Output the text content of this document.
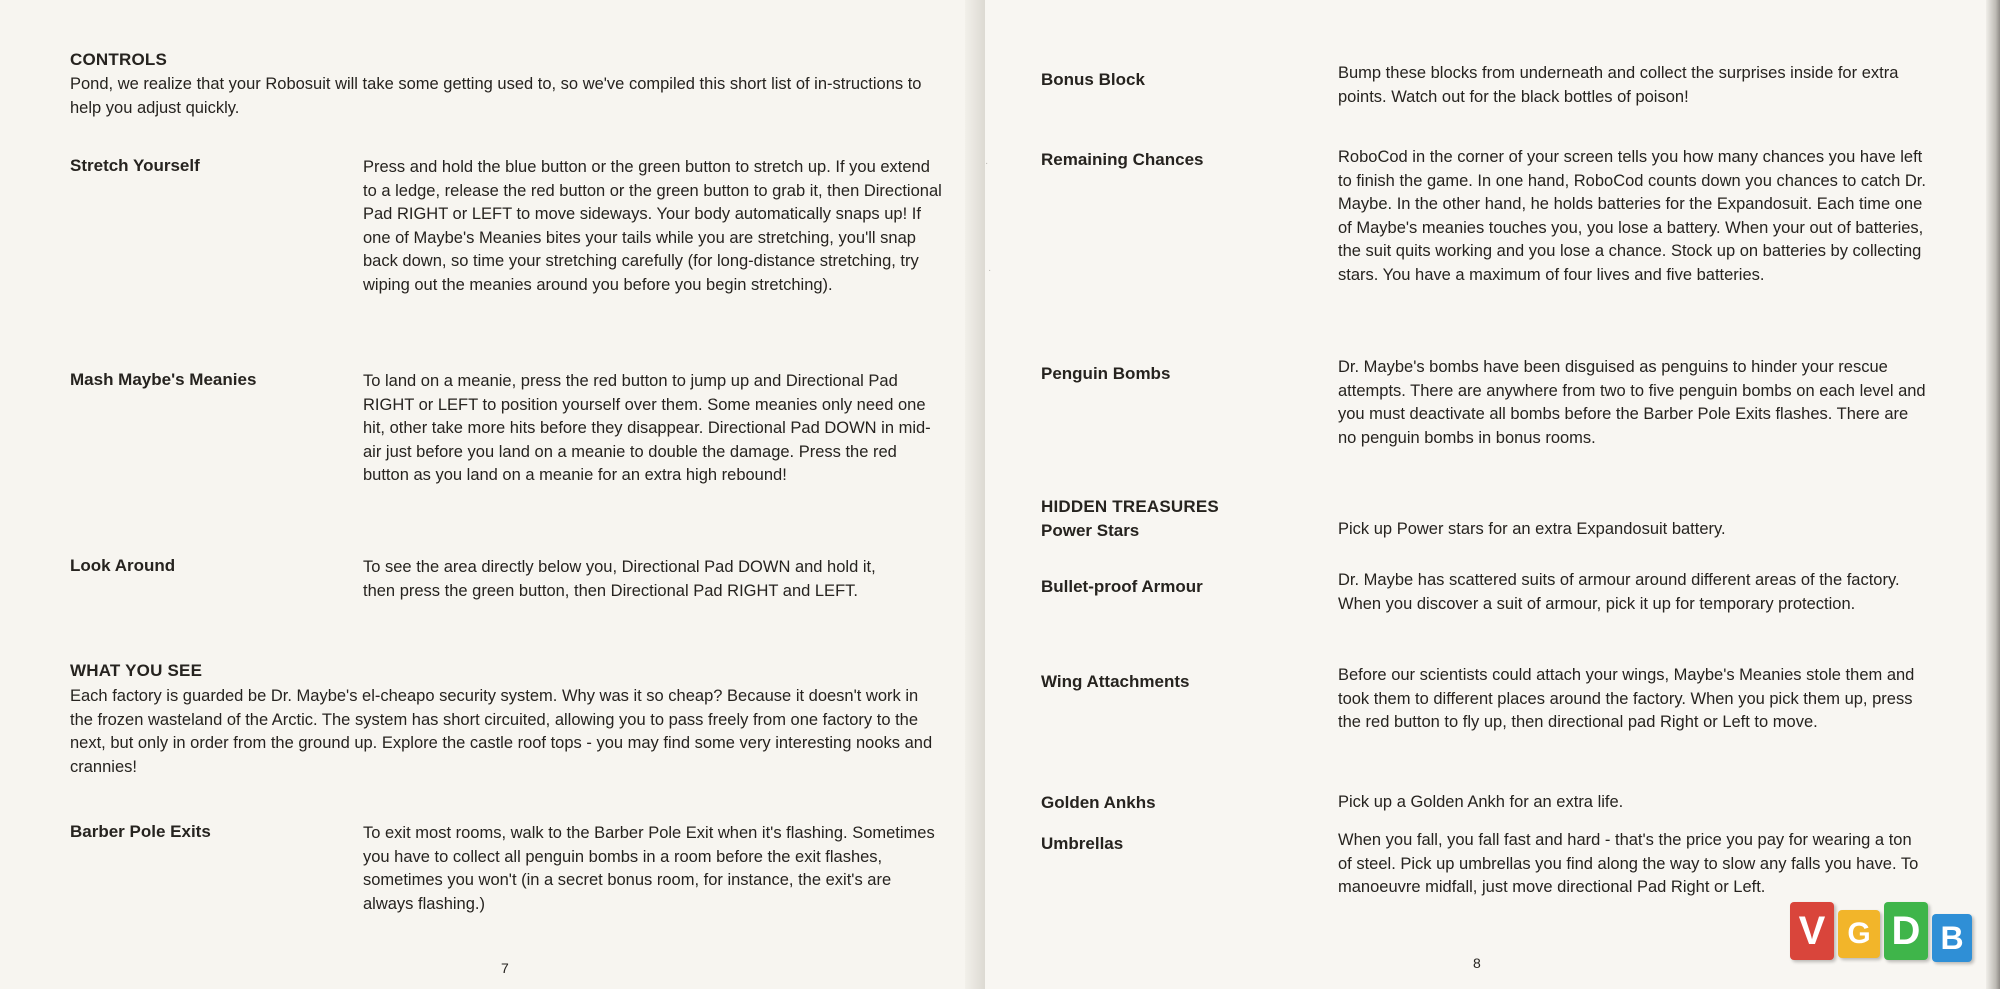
CONTROLS
Pond, we realize that your Robosuit will take some getting used to, so we've compiled this short list of in-structions to help you adjust quickly.
Stretch Yourself	Press and hold the blue button or the green button to stretch up. If you extend to a ledge, release the red button or the green button to grab it, then Directional Pad RIGHT or LEFT to move sideways. Your body automatically snaps up! If one of Maybe's Meanies bites your tails while you are stretching, you'll snap back down, so time your stretching carefully (for long-distance stretching, try wiping out the meanies around you before you begin stretching).
Mash Maybe's Meanies	To land on a meanie, press the red button to jump up and Directional Pad RIGHT or LEFT to position yourself over them. Some meanies only need one hit, other take more hits before they disappear. Directional Pad DOWN in mid-air just before you land on a meanie to double the damage. Press the red button as you land on a meanie for an extra high rebound!
Look Around	To see the area directly below you, Directional Pad DOWN and hold it, then press the green button, then Directional Pad RIGHT and LEFT.
WHAT YOU SEE
Each factory is guarded be Dr. Maybe's el-cheapo security system. Why was it so cheap? Because it doesn't work in the frozen wasteland of the Arctic. The system has short circuited, allowing you to pass freely from one factory to the next, but only in order from the ground up. Explore the castle roof tops - you may find some very interesting nooks and crannies!
Barber Pole Exits	To exit most rooms, walk to the Barber Pole Exit when it's flashing. Sometimes you have to collect all penguin bombs in a room before the exit flashes, sometimes you won't (in a secret bonus room, for instance, the exit's are always flashing.)
7
·
·
Bonus Block	Bump these blocks from underneath and collect the surprises inside for extra points. Watch out for the black bottles of poison!
Remaining Chances	RoboCod in the corner of your screen tells you how many chances you have left to finish the game. In one hand, RoboCod counts down you chances to catch Dr. Maybe. In the other hand, he holds batteries for the Expandosuit. Each time one of Maybe's meanies touches you, you lose a battery. When your out of batteries, the suit quits working and you lose a chance. Stock up on batteries by collecting stars. You have a maximum of four lives and five batteries.
Penguin Bombs	Dr. Maybe's bombs have been disguised as penguins to hinder your rescue attempts. There are anywhere from two to five penguin bombs on each level and you must deactivate all bombs before the Barber Pole Exits flashes. There are no penguin bombs in bonus rooms.
HIDDEN TREASURES
Power Stars	Pick up Power stars for an extra Expandosuit battery.
Bullet-proof Armour	Dr. Maybe has scattered suits of armour around different areas of the factory. When you discover a suit of armour, pick it up for temporary protection.
Wing Attachments	Before our scientists could attach your wings, Maybe's Meanies stole them and took them to different places around the factory. When you pick them up, press the red button to fly up, then directional pad Right or Left to move.
Golden Ankhs	Pick up a Golden Ankh for an extra life.
Umbrellas	When you fall, you fall fast and hard - that's the price you pay for wearing a ton of steel. Pick up umbrellas you find along the way to slow any falls you have. To manoeuvre midfall, just move directional Pad Right or Left.
8
V G D B
